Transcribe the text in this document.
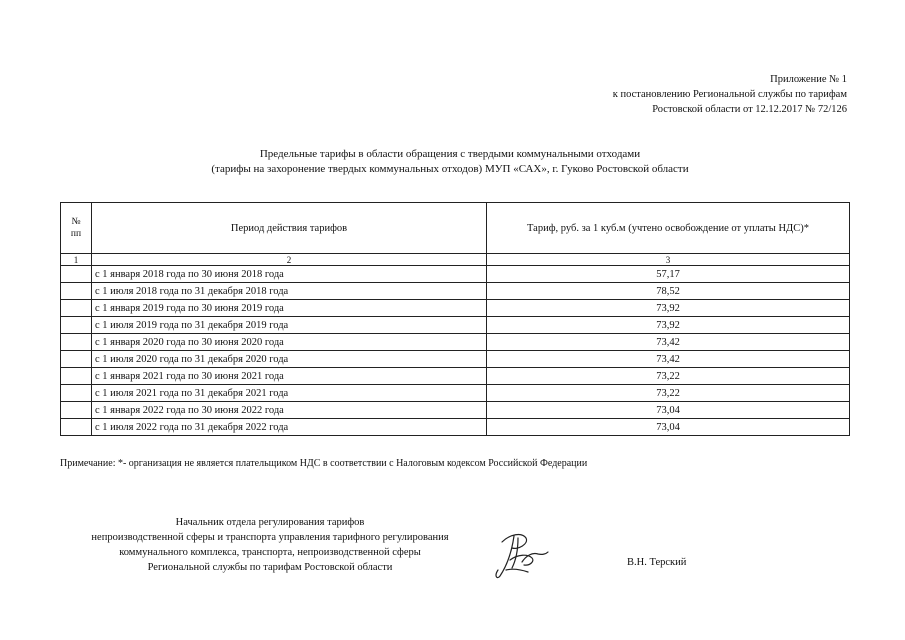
Приложение № 1
к постановлению Региональной службы по тарифам
Ростовской области от 12.12.2017 № 72/126
Предельные тарифы в области обращения с твердыми коммунальными отходами
(тарифы на захоронение твердых коммунальных отходов) МУП «САХ», г. Гуково Ростовской области
№
пп	Период действия тарифов	Тариф, руб. за 1 куб.м (учтено освобождение от уплаты НДС)*
1	2	3
	с 1 января 2018 года по 30 июня 2018 года	57,17
	с 1 июля 2018 года по 31 декабря 2018 года	78,52
	с 1 января 2019 года по 30 июня 2019 года	73,92
	с 1 июля 2019 года по 31 декабря 2019 года	73,92
	с 1 января 2020 года по 30 июня 2020 года	73,42
	с 1 июля 2020 года по 31 декабря 2020 года	73,42
	с 1 января 2021 года по 30 июня 2021 года	73,22
	с 1 июля 2021 года по 31 декабря 2021 года	73,22
	с 1 января 2022 года по 30 июня 2022 года	73,04
	с 1 июля 2022 года по 31 декабря 2022 года	73,04
Примечание: *- организация не является плательщиком НДС в соответствии с Налоговым кодексом Российской Федерации
Начальник отдела регулирования тарифов
непроизводственной сферы и транспорта управления тарифного регулирования
коммунального комплекса, транспорта, непроизводственной сферы
Региональной службы по тарифам Ростовской области	В.Н. Терский
